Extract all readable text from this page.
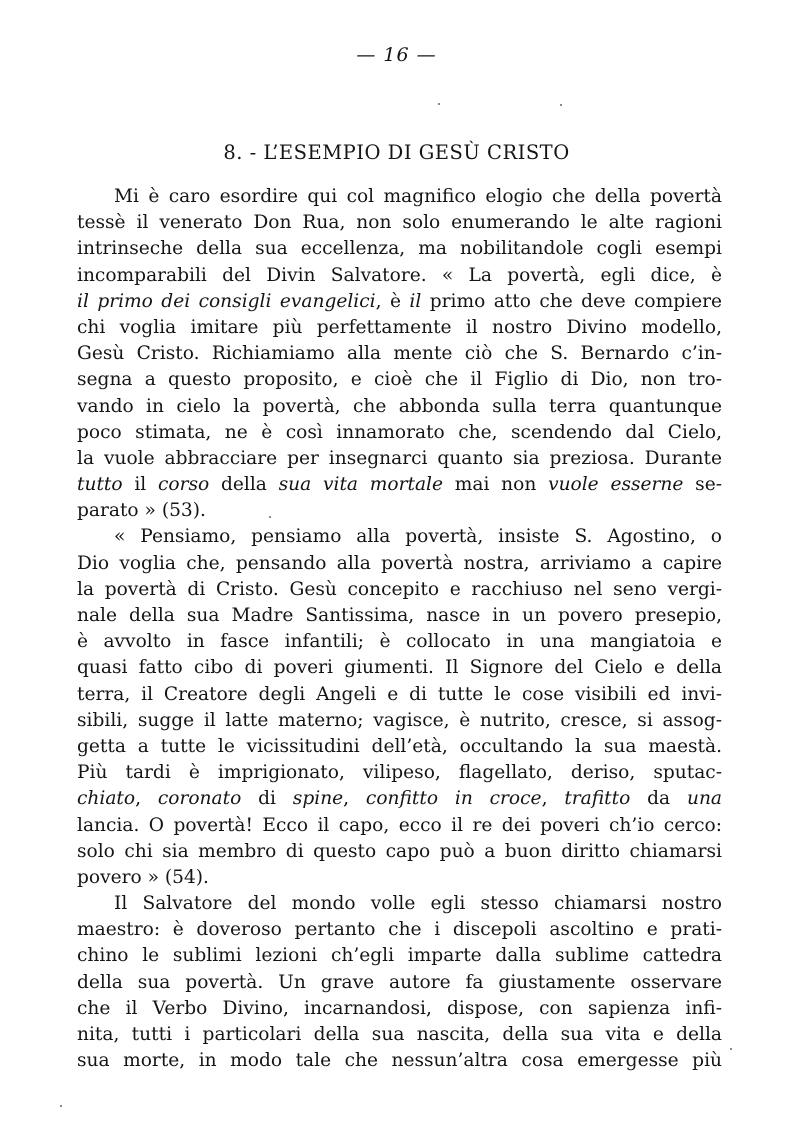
— 16 —
8. - L’ESEMPIO DI GESÙ CRISTO
Mi è caro esordire qui col magnifico elogio che della povertà
tessè il venerato Don Rua, non solo enumerando le alte ragioni
intrinseche della sua eccellenza, ma nobilitandole cogli esempi
incomparabili del Divin Salvatore. « La povertà, egli dice, è
il primo dei consigli evangelici, è il primo atto che deve compiere
chi voglia imitare più perfettamente il nostro Divino modello,
Gesù Cristo. Richiamiamo alla mente ciò che S. Bernardo c’in-
segna a questo proposito, e cioè che il Figlio di Dio, non tro-
vando in cielo la povertà, che abbonda sulla terra quantunque
poco stimata, ne è così innamorato che, scendendo dal Cielo,
la vuole abbracciare per insegnarci quanto sia preziosa. Durante
tutto il corso della sua vita mortale mai non vuole esserne se-
parato » (53).
« Pensiamo, pensiamo alla povertà, insiste S. Agostino, o
Dio voglia che, pensando alla povertà nostra, arriviamo a capire
la povertà di Cristo. Gesù concepito e racchiuso nel seno vergi-
nale della sua Madre Santissima, nasce in un povero presepio,
è avvolto in fasce infantili; è collocato in una mangiatoia e
quasi fatto cibo di poveri giumenti. Il Signore del Cielo e della
terra, il Creatore degli Angeli e di tutte le cose visibili ed invi-
sibili, sugge il latte materno; vagisce, è nutrito, cresce, si assog-
getta a tutte le vicissitudini dell’età, occultando la sua maestà.
Più tardi è imprigionato, vilipeso, flagellato, deriso, sputac-
chiato, coronato di spine, confitto in croce, trafitto da una
lancia. O povertà! Ecco il capo, ecco il re dei poveri ch’io cerco:
solo chi sia membro di questo capo può a buon diritto chiamarsi
povero » (54).
Il Salvatore del mondo volle egli stesso chiamarsi nostro
maestro: è doveroso pertanto che i discepoli ascoltino e prati-
chino le sublimi lezioni ch’egli imparte dalla sublime cattedra
della sua povertà. Un grave autore fa giustamente osservare
che il Verbo Divino, incarnandosi, dispose, con sapienza infi-
nita, tutti i particolari della sua nascita, della sua vita e della
sua morte, in modo tale che nessun’altra cosa emergesse più
